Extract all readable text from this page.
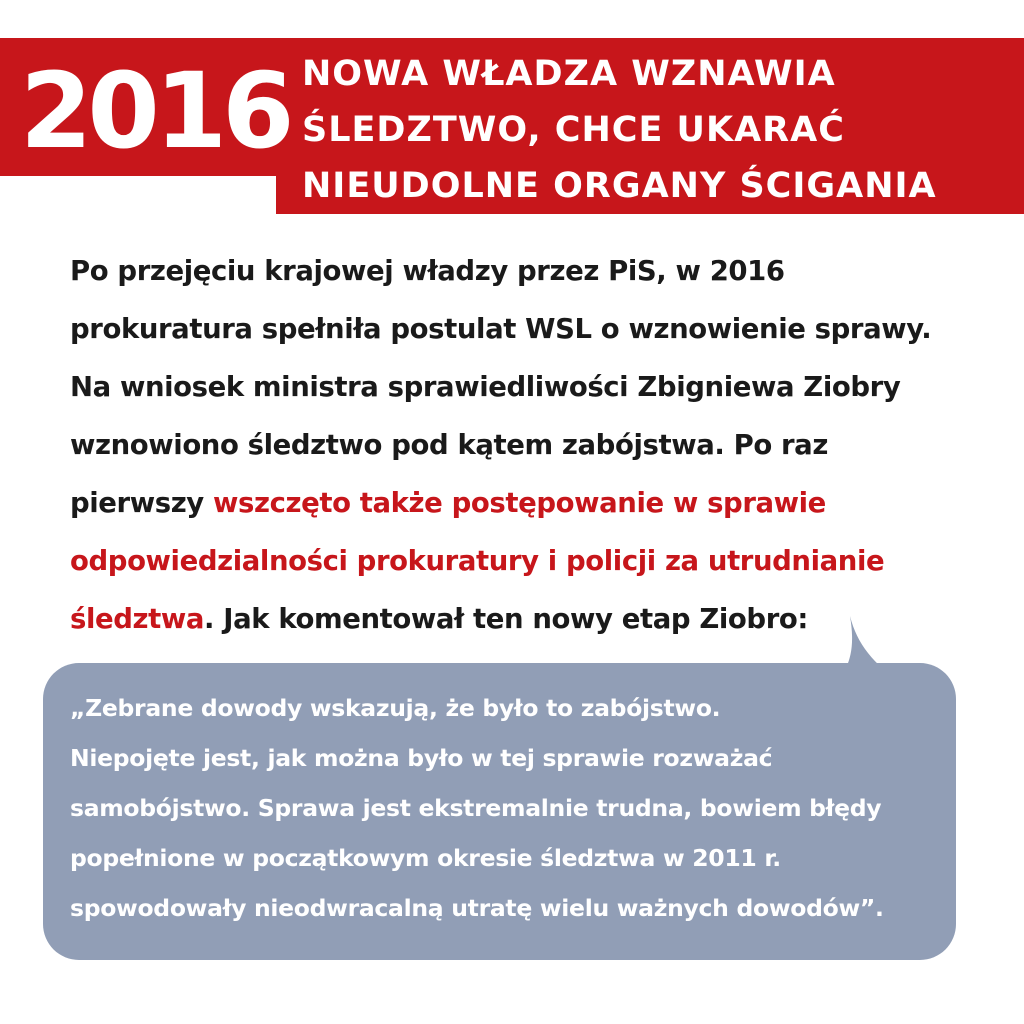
2016 NOWA WŁADZA WZNAWIA
ŚLEDZTWO, CHCE UKARAĆ
NIEUDOLNE ORGANY ŚCIGANIA

Po przejęciu krajowej władzy przez PiS, w 2016
prokuratura spełniła postulat WSL o wznowienie sprawy.
Na wniosek ministra sprawiedliwości Zbigniewa Ziobry
wznowiono śledztwo pod kątem zabójstwa. Po raz
pierwszy wszczęto także postępowanie w sprawie
odpowiedzialności prokuratury i policji za utrudnianie
śledztwa. Jak komentował ten nowy etap Ziobro:

„Zebrane dowody wskazują, że było to zabójstwo.
Niepojęte jest, jak można było w tej sprawie rozważać
samobójstwo. Sprawa jest ekstremalnie trudna, bowiem błędy
popełnione w początkowym okresie śledztwa w 2011 r.
spowodowały nieodwracalną utratę wielu ważnych dowodów”.
